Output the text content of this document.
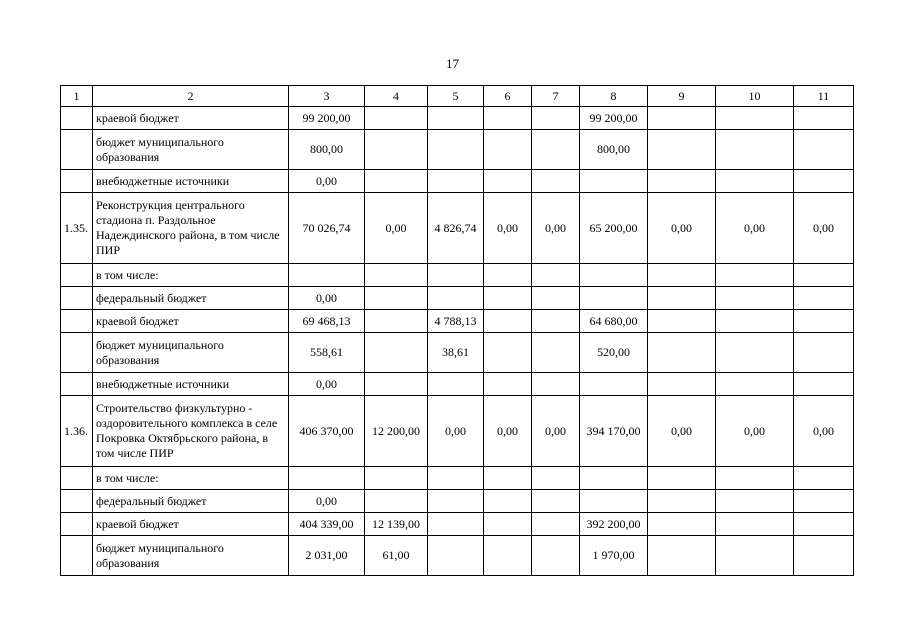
17
1	2	3	4	5	6	7	8	9	10	11
	краевой бюджет	99 200,00					99 200,00			
	бюджет муниципального образования	800,00					800,00			
	внебюджетные источники	0,00								
1.35.	Реконструкция центрального стадиона п. Раздольное Надеждинского района, в том числе ПИР	70 026,74	0,00	4 826,74	0,00	0,00	65 200,00	0,00	0,00	0,00
	в том числе:									
	федеральный бюджет	0,00								
	краевой бюджет	69 468,13		4 788,13			64 680,00			
	бюджет муниципального образования	558,61		38,61			520,00			
	внебюджетные источники	0,00								
1.36.	Строительство физкультурно - оздоровительного комплекса в селе Покровка Октябрьского района, в том числе ПИР	406 370,00	12 200,00	0,00	0,00	0,00	394 170,00	0,00	0,00	0,00
	в том числе:									
	федеральный бюджет	0,00								
	краевой бюджет	404 339,00	12 139,00				392 200,00			
	бюджет муниципального образования	2 031,00	61,00				1 970,00			
